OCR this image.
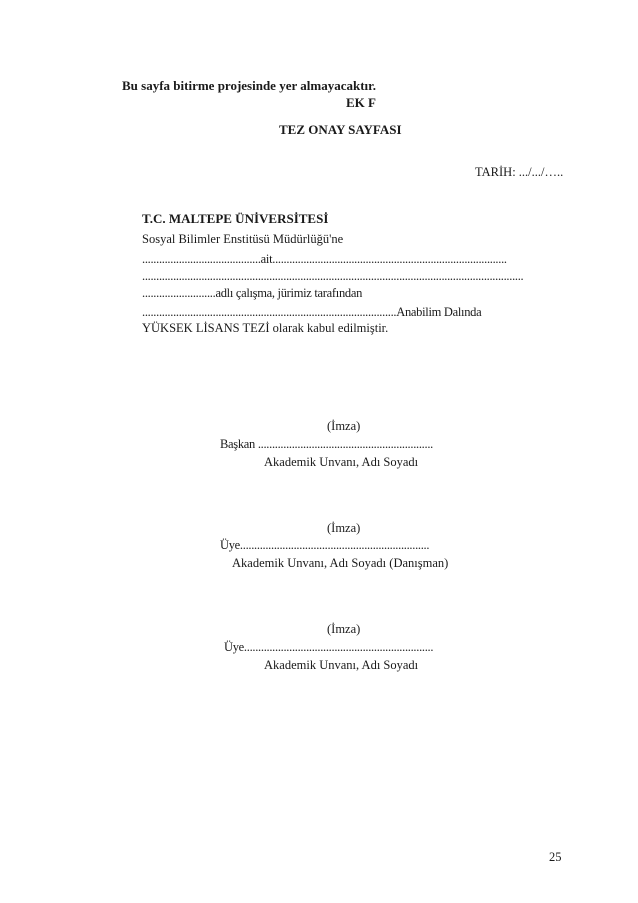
Bu sayfa bitirme projesinde yer almayacaktır.
EK F
TEZ ONAY SAYFASI
TARİH: .../.../…..
T.C. MALTEPE ÜNİVERSİTESİ
Sosyal Bilimler Enstitüsü Müdürlüğü'ne
..........................................ait...................................................................................
.......................................................................................................................................
..........................adlı çalışma, jürimiz tarafından
..........................................................................................Anabilim Dalında
YÜKSEK LİSANS TEZİ olarak kabul edilmiştir.
(İmza)
Başkan ..............................................................
Akademik Unvanı, Adı Soyadı
(İmza)
Üye...................................................................
Akademik Unvanı, Adı Soyadı (Danışman)
(İmza)
Üye...................................................................
Akademik Unvanı, Adı Soyadı
25
